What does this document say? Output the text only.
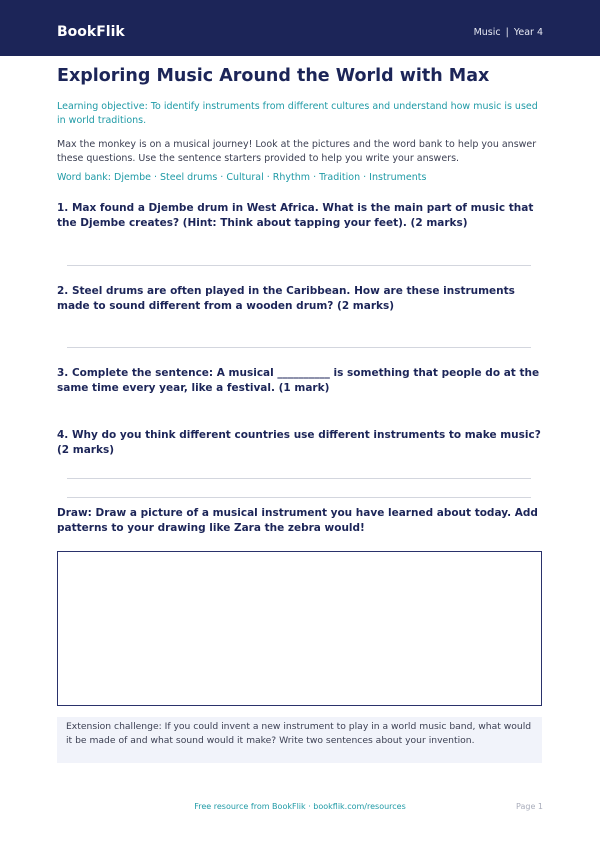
BookFlik	Music | Year 4
Exploring Music Around the World with Max
Learning objective: To identify instruments from different cultures and understand how music is used in world traditions.
Max the monkey is on a musical journey! Look at the pictures and the word bank to help you answer these questions. Use the sentence starters provided to help you write your answers.
Word bank: Djembe · Steel drums · Cultural · Rhythm · Tradition · Instruments
1. Max found a Djembe drum in West Africa. What is the main part of music that the Djembe creates? (Hint: Think about tapping your feet). (2 marks)
2. Steel drums are often played in the Caribbean. How are these instruments made to sound different from a wooden drum? (2 marks)
3. Complete the sentence: A musical __________ is something that people do at the same time every year, like a festival. (1 mark)
4. Why do you think different countries use different instruments to make music? (2 marks)
Draw: Draw a picture of a musical instrument you have learned about today. Add patterns to your drawing like Zara the zebra would!
Extension challenge: If you could invent a new instrument to play in a world music band, what would it be made of and what sound would it make? Write two sentences about your invention.
Free resource from BookFlik · bookflik.com/resources	Page 1
